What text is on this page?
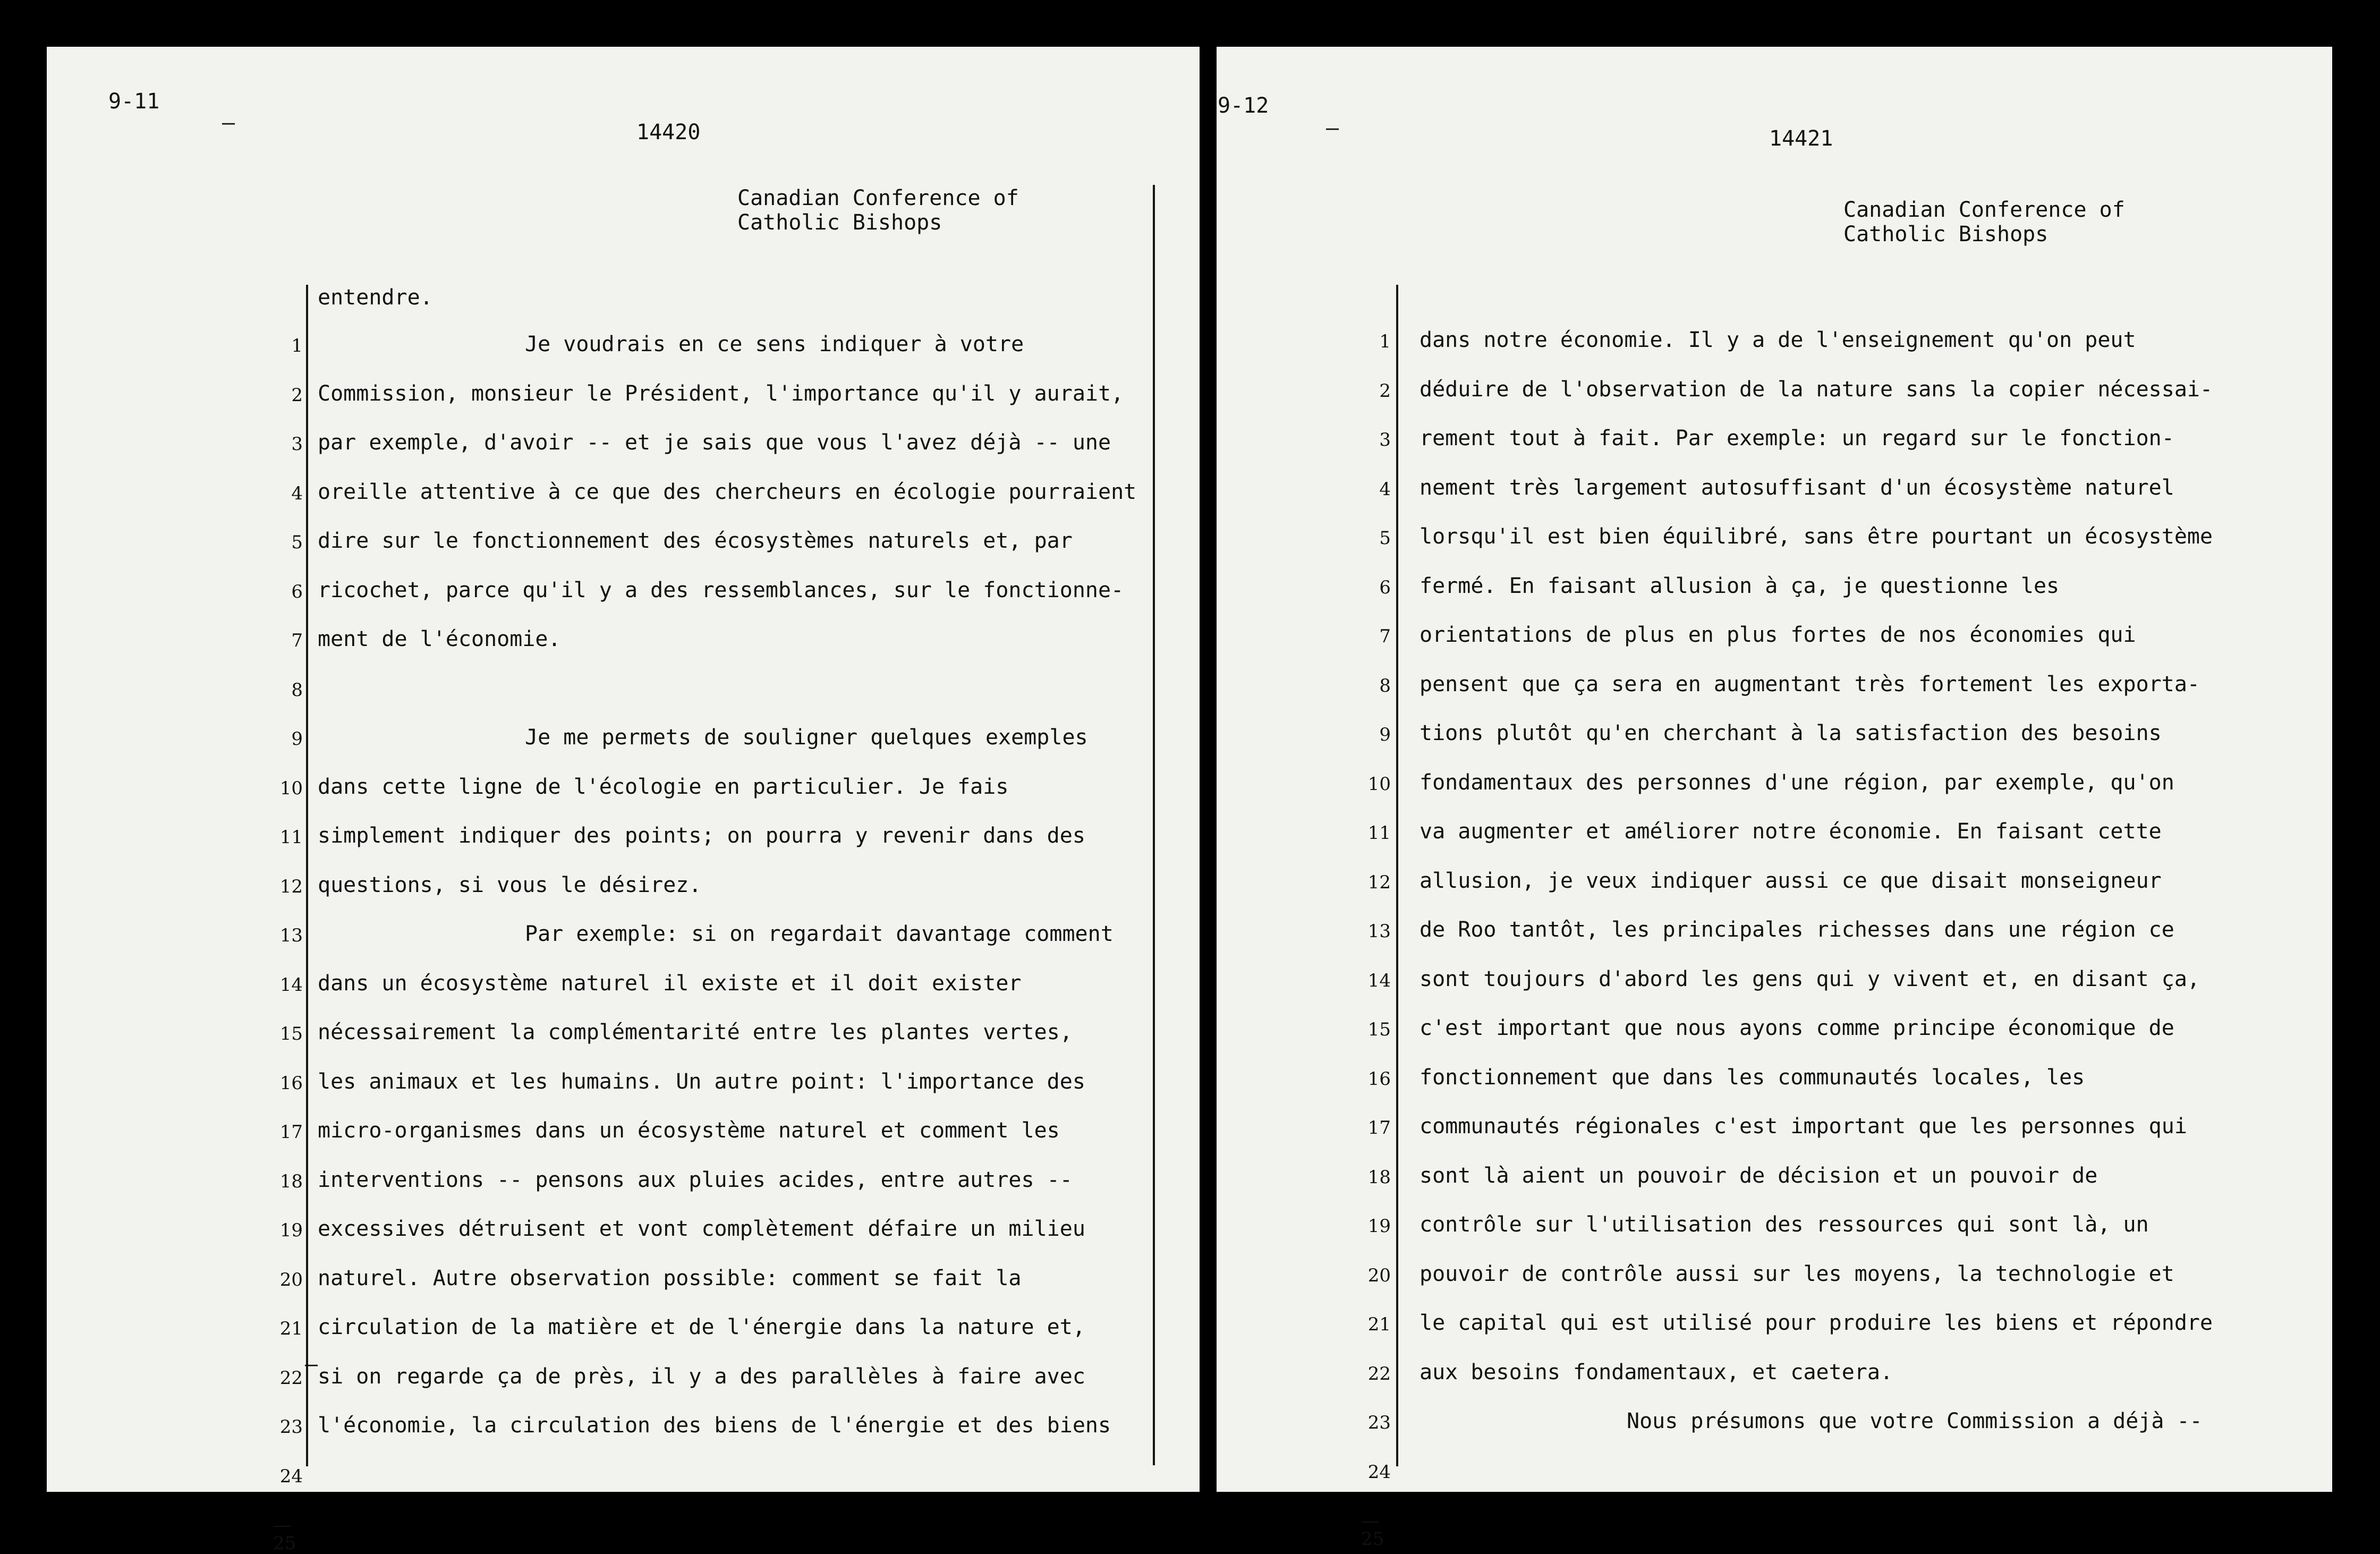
9-11
–	14420
Canadian Conference of
Catholic Bishops
1
2
3
4
5
6
7
8
9
10
11
12
13
14
15
16
17
18
19
20
21
22
23
24
—25
entendre.
Je voudrais en ce sens indiquer à votre
Commission, monsieur le Président, l'importance qu'il y aurait,
par exemple, d'avoir -- et je sais que vous l'avez déjà -- une
oreille attentive à ce que des chercheurs en écologie pourraient
dire sur le fonctionnement des écosystèmes naturels et, par
ricochet, parce qu'il y a des ressemblances, sur le fonctionne-
ment de l'économie.
Je me permets de souligner quelques exemples
dans cette ligne de l'écologie en particulier. Je fais
simplement indiquer des points; on pourra y revenir dans des
questions, si vous le désirez.
Par exemple: si on regardait davantage comment
dans un écosystème naturel il existe et il doit exister
nécessairement la complémentarité entre les plantes vertes,
les animaux et les humains. Un autre point: l'importance des
micro-organismes dans un écosystème naturel et comment les
interventions -- pensons aux pluies acides, entre autres --
excessives détruisent et vont complètement défaire un milieu
naturel. Autre observation possible: comment se fait la
circulation de la matière et de l'énergie dans la nature et,
si on regarde ça de près, il y a des parallèles à faire avec
l'économie, la circulation des biens de l'énergie et des biens
—
9-12
–	14421
Canadian Conference of
Catholic Bishops
1
2
3
4
5
6
7
8
9
10
11
12
13
14
15
16
17
18
19
20
21
22
23
24
—25
dans notre économie. Il y a de l'enseignement qu'on peut
déduire de l'observation de la nature sans la copier nécessai-
rement tout à fait. Par exemple: un regard sur le fonction-
nement très largement autosuffisant d'un écosystème naturel
lorsqu'il est bien équilibré, sans être pourtant un écosystème
fermé. En faisant allusion à ça, je questionne les
orientations de plus en plus fortes de nos économies qui
pensent que ça sera en augmentant très fortement les exporta-
tions plutôt qu'en cherchant à la satisfaction des besoins
fondamentaux des personnes d'une région, par exemple, qu'on
va augmenter et améliorer notre économie. En faisant cette
allusion, je veux indiquer aussi ce que disait monseigneur
de Roo tantôt, les principales richesses dans une région ce
sont toujours d'abord les gens qui y vivent et, en disant ça,
c'est important que nous ayons comme principe économique de
fonctionnement que dans les communautés locales, les
communautés régionales c'est important que les personnes qui
sont là aient un pouvoir de décision et un pouvoir de
contrôle sur l'utilisation des ressources qui sont là, un
pouvoir de contrôle aussi sur les moyens, la technologie et
le capital qui est utilisé pour produire les biens et répondre
aux besoins fondamentaux, et caetera.
Nous présumons que votre Commission a déjà --
